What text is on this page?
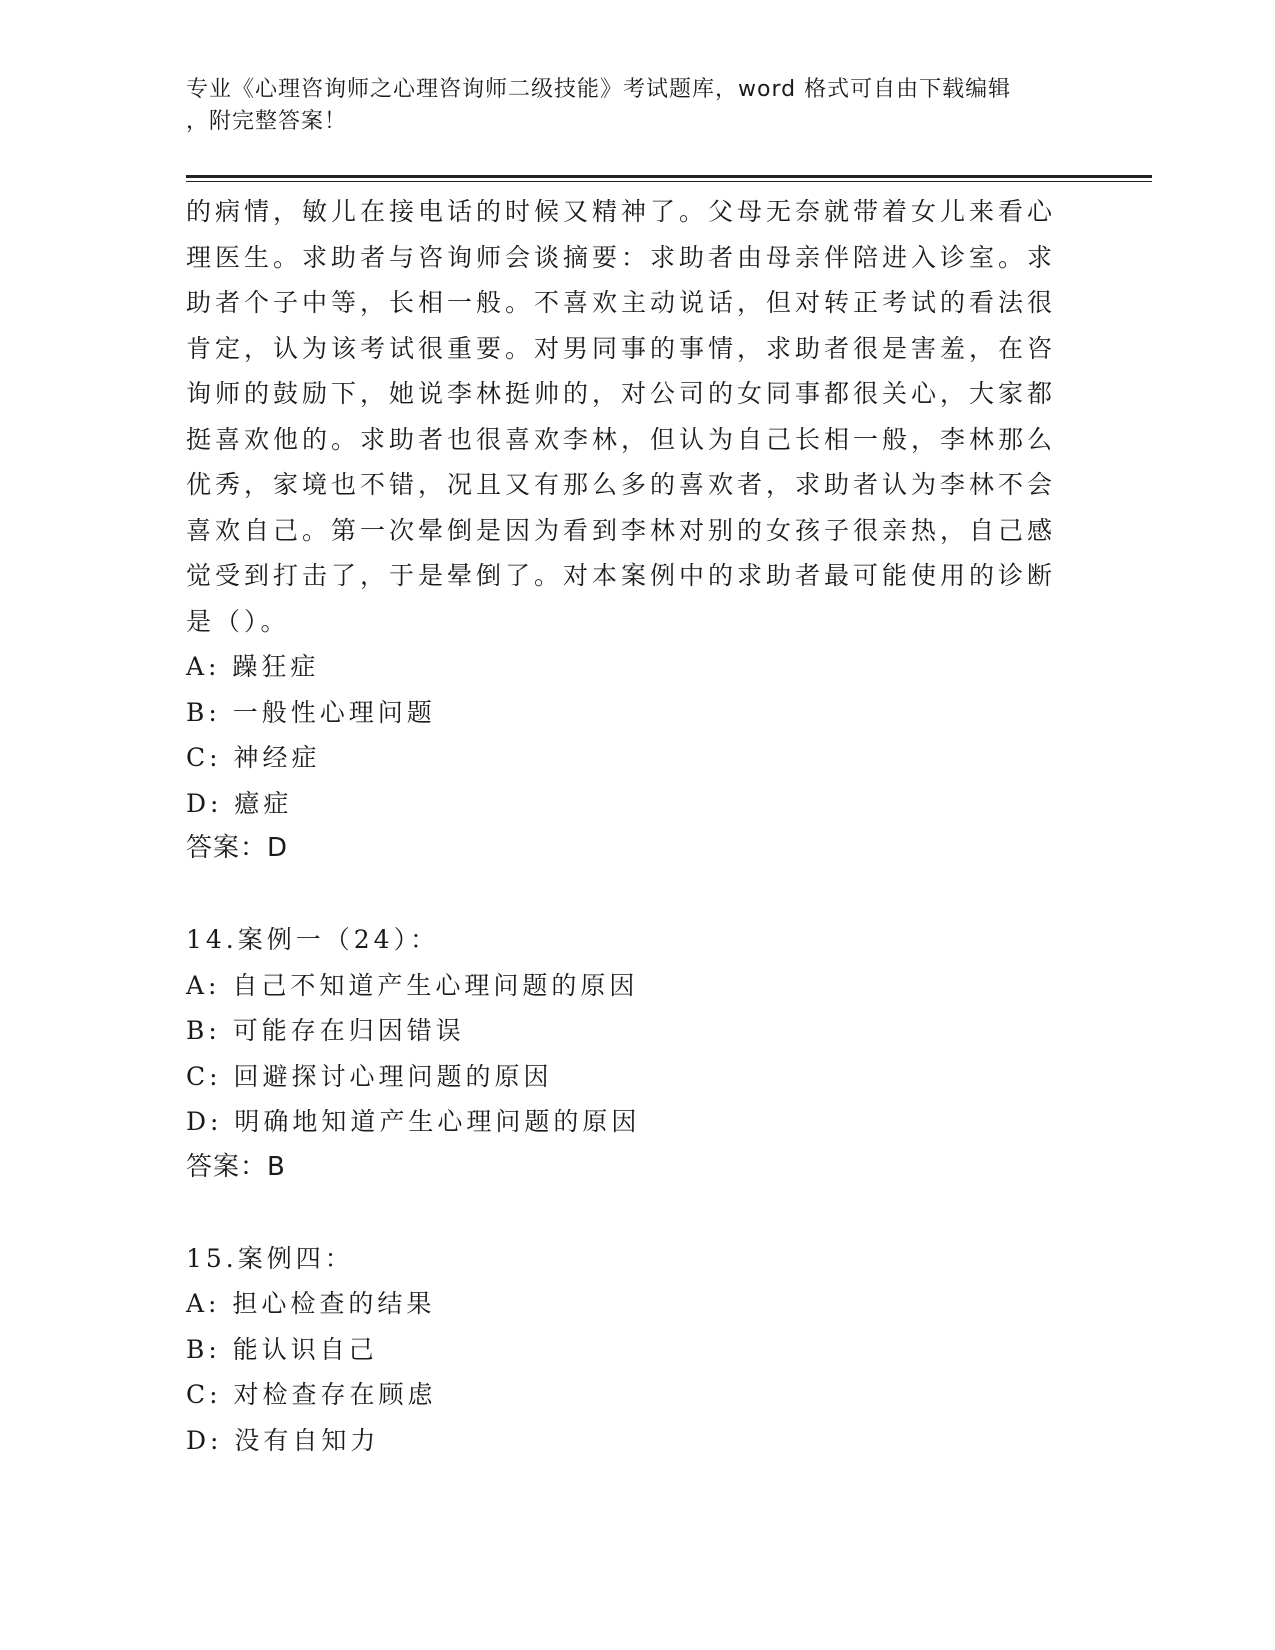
专业《心理咨询师之心理咨询师二级技能》考试题库，word 格式可自由下载编辑
，附完整答案！

的病情，敏儿在接电话的时候又精神了。父母无奈就带着女儿来看心理医生。求助者与咨询师会谈摘要：求助者由母亲伴陪进入诊室。求助者个子中等，长相一般。不喜欢主动说话，但对转正考试的看法很肯定，认为该考试很重要。对男同事的事情，求助者很是害羞，在咨询师的鼓励下，她说李林挺帅的，对公司的女同事都很关心，大家都挺喜欢他的。求助者也很喜欢李林，但认为自己长相一般，李林那么优秀，家境也不错，况且又有那么多的喜欢者，求助者认为李林不会喜欢自己。第一次晕倒是因为看到李林对别的女孩子很亲热，自己感觉受到打击了，于是晕倒了。对本案例中的求助者最可能使用的诊断是（）。

A: 躁狂症

B: 一般性心理问题

C: 神经症

D: 癔症

答案：D

14.案例一（24）：

A: 自己不知道产生心理问题的原因

B: 可能存在归因错误

C: 回避探讨心理问题的原因

D: 明确地知道产生心理问题的原因

答案：B

15.案例四：

A: 担心检查的结果

B: 能认识自己

C: 对检查存在顾虑

D: 没有自知力
